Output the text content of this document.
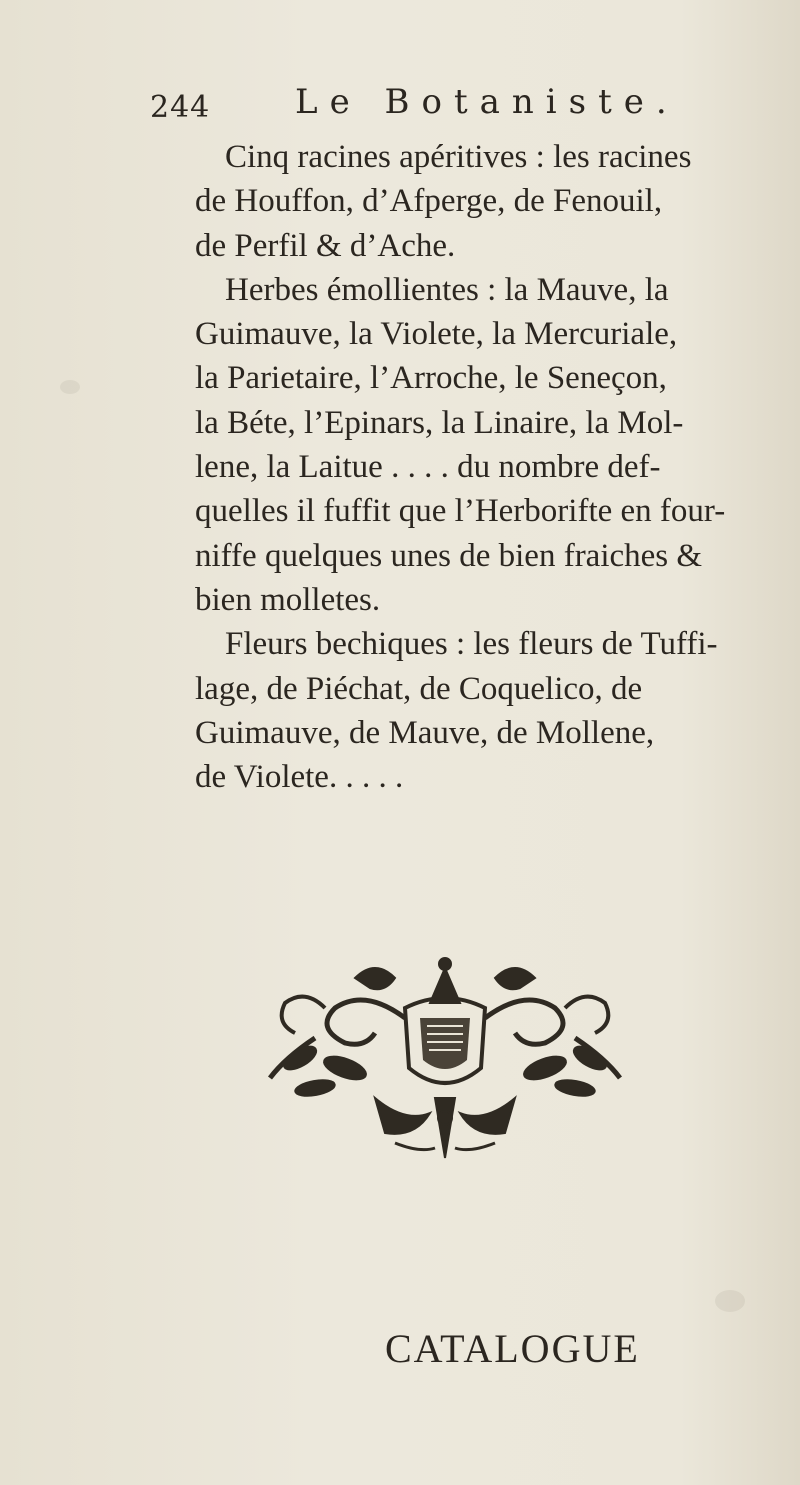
244 Le Botaniste.

Cinq racines apéritives : les racines
de Houffon, d’Afperge, de Fenouil,
de Perfil & d’Ache.

Herbes émollientes : la Mauve, la
Guimauve, la Violete, la Mercuriale,
la Parietaire, l’Arroche, le Seneçon,
la Béte, l’Epinars, la Linaire, la Mol-
lene, la Laitue . . . . du nombre def-
quelles il fuffit que l’Herborifte en four-
niffe quelques unes de bien fraiches &
bien molletes.

Fleurs bechiques : les fleurs de Tuffi-
lage, de Piéchat, de Coquelico, de
Guimauve, de Mauve, de Mollene,
de Violete. . . . .

CATALOGUE
